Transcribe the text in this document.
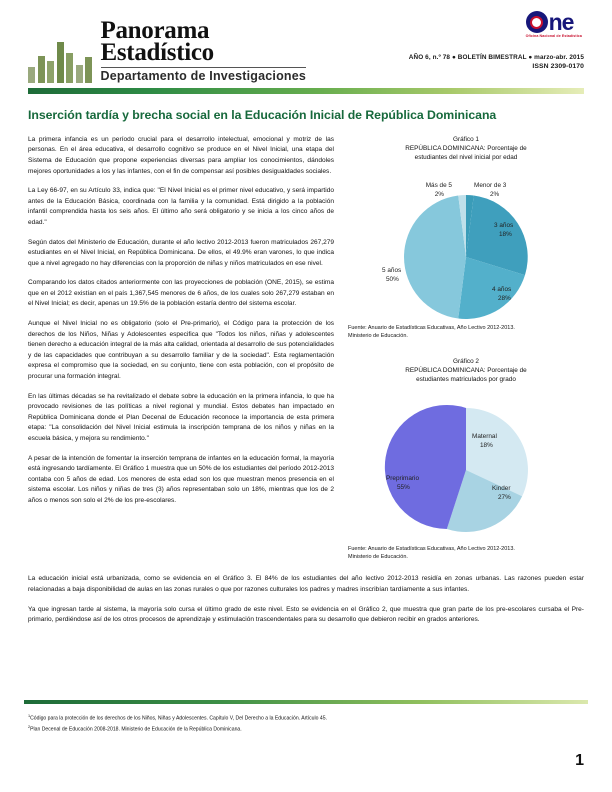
Panorama
Estadístico
Departamento de Investigaciones
ne
Oficina Nacional de Estadística
AÑO 6, n.º 78 ● BOLETÍN BIMESTRAL ● marzo-abr. 2015
ISSN 2309-0170
Inserción tardía y brecha social en la Educación Inicial de República Dominicana

La primera infancia es un período crucial para el desarrollo intelectual, emocional y motriz de las personas. En el área educativa, el desarrollo cognitivo se produce en el Nivel Inicial, una etapa del Sistema de Educación que propone experiencias diversas para ampliar los conocimientos, dándoles mejores oportunidades a los y las infantes, con el fin de compensar así posibles desigualdades sociales.

La Ley 66-97, en su Artículo 33, indica que: "El Nivel Inicial es el primer nivel educativo, y será impartido antes de la Educación Básica, coordinada con la familia y la comunidad. Está dirigido a la población infantil comprendida hasta los seis años. El último año será obligatorio y se inicia a los cinco años de edad."

Según datos del Ministerio de Educación, durante el año lectivo 2012-2013 fueron matriculados 267,279 estudiantes en el Nivel Inicial, en República Dominicana. De ellos, el 49.9% eran varones, lo que indica que a nivel agregado no hay diferencias con la proporción de niñas y niños matriculados en ese nivel.

Comparando los datos citados anteriormente con las proyecciones de población (ONE, 2015), se estima que en el 2012 existían en el país 1,367,545 menores de 6 años, de los cuales solo 267,279 estaban en el Nivel Inicial; es decir, apenas un 19.5% de la población estaría dentro del sistema escolar.

Aunque el Nivel Inicial no es obligatorio (solo el Pre-primario), el Código para la protección de los derechos de los Niños, Niñas y Adolescentes especifica que "Todos los niños, niñas y adolescentes tienen derecho a educación integral de la más alta calidad, orientada al desarrollo de sus potencialidades y de las capacidades que contribuyan a su desarrollo familiar y de la sociedad". Esta reglamentación expresa el compromiso que la sociedad, en su conjunto, tiene con esta población, con el propósito de procurar una formación integral.

En las últimas décadas se ha revitalizado el debate sobre la educación en la primera infancia, lo que ha provocado revisiones de las políticas a nivel regional y mundial. Estos debates han impactado en República Dominicana donde el Plan Decenal de Educación reconoce la importancia de esta primera etapa: "La consolidación del Nivel Inicial estimula la inscripción temprana de los niños y niñas en la escuela básica, y mejora su rendimiento."

A pesar de la intención de fomentar la inserción temprana de infantes en la educación formal, la mayoría está ingresando tardíamente. El Gráfico 1 muestra que un 50% de los estudiantes del período 2012-2013 contaba con 5 años de edad. Los menores de esta edad son los que muestran menos presencia en el sistema escolar. Los niños y niñas de tres (3) años representaban solo un 18%, mientras que los de 2 años o menos son solo el 2% de los pre-escolares.

Gráfico 1
REPÚBLICA DOMINICANA: Porcentaje de
estudiantes del nivel inicial por edad
Más de 5
2%
Menor de 3
2%
3 años
18%
4 años
28%
5 años
50%
Fuente: Anuario de Estadísticas Educativas, Año Lectivo 2012-2013.
Ministerio de Educación.
Gráfico 2
REPÚBLICA DOMINICANA: Porcentaje de
estudiantes matriculados por grado
Maternal
18%
Kinder
27%
Preprimario
55%
Fuente: Anuario de Estadísticas Educativas, Año Lectivo 2012-2013.
Ministerio de Educación.

La educación inicial está urbanizada, como se evidencia en el Gráfico 3. El 84% de los estudiantes del año lectivo 2012-2013 residía en zonas urbanas. Las razones pueden estar relacionadas a baja disponibilidad de aulas en las zonas rurales o que por razones culturales los padres y madres inscribían tardíamente a sus infantes.

Ya que ingresan tarde al sistema, la mayoría solo cursa el último grado de este nivel. Esto se evidencia en el Gráfico 2, que muestra que gran parte de los pre-escolares cursaba el Pre-primario, perdiéndose así de los otros procesos de aprendizaje y estimulación trascendentales para su desarrollo que debieron recibir en grados anteriores.

$^1$Código para la protección de los derechos de los Niños, Niñas y Adolescentes. Capítulo V, Del Derecho a la Educación. Artículo 45.
$^2$Plan Decenal de Educación 2008-2018. Ministerio de Educación de la República Dominicana.
1
